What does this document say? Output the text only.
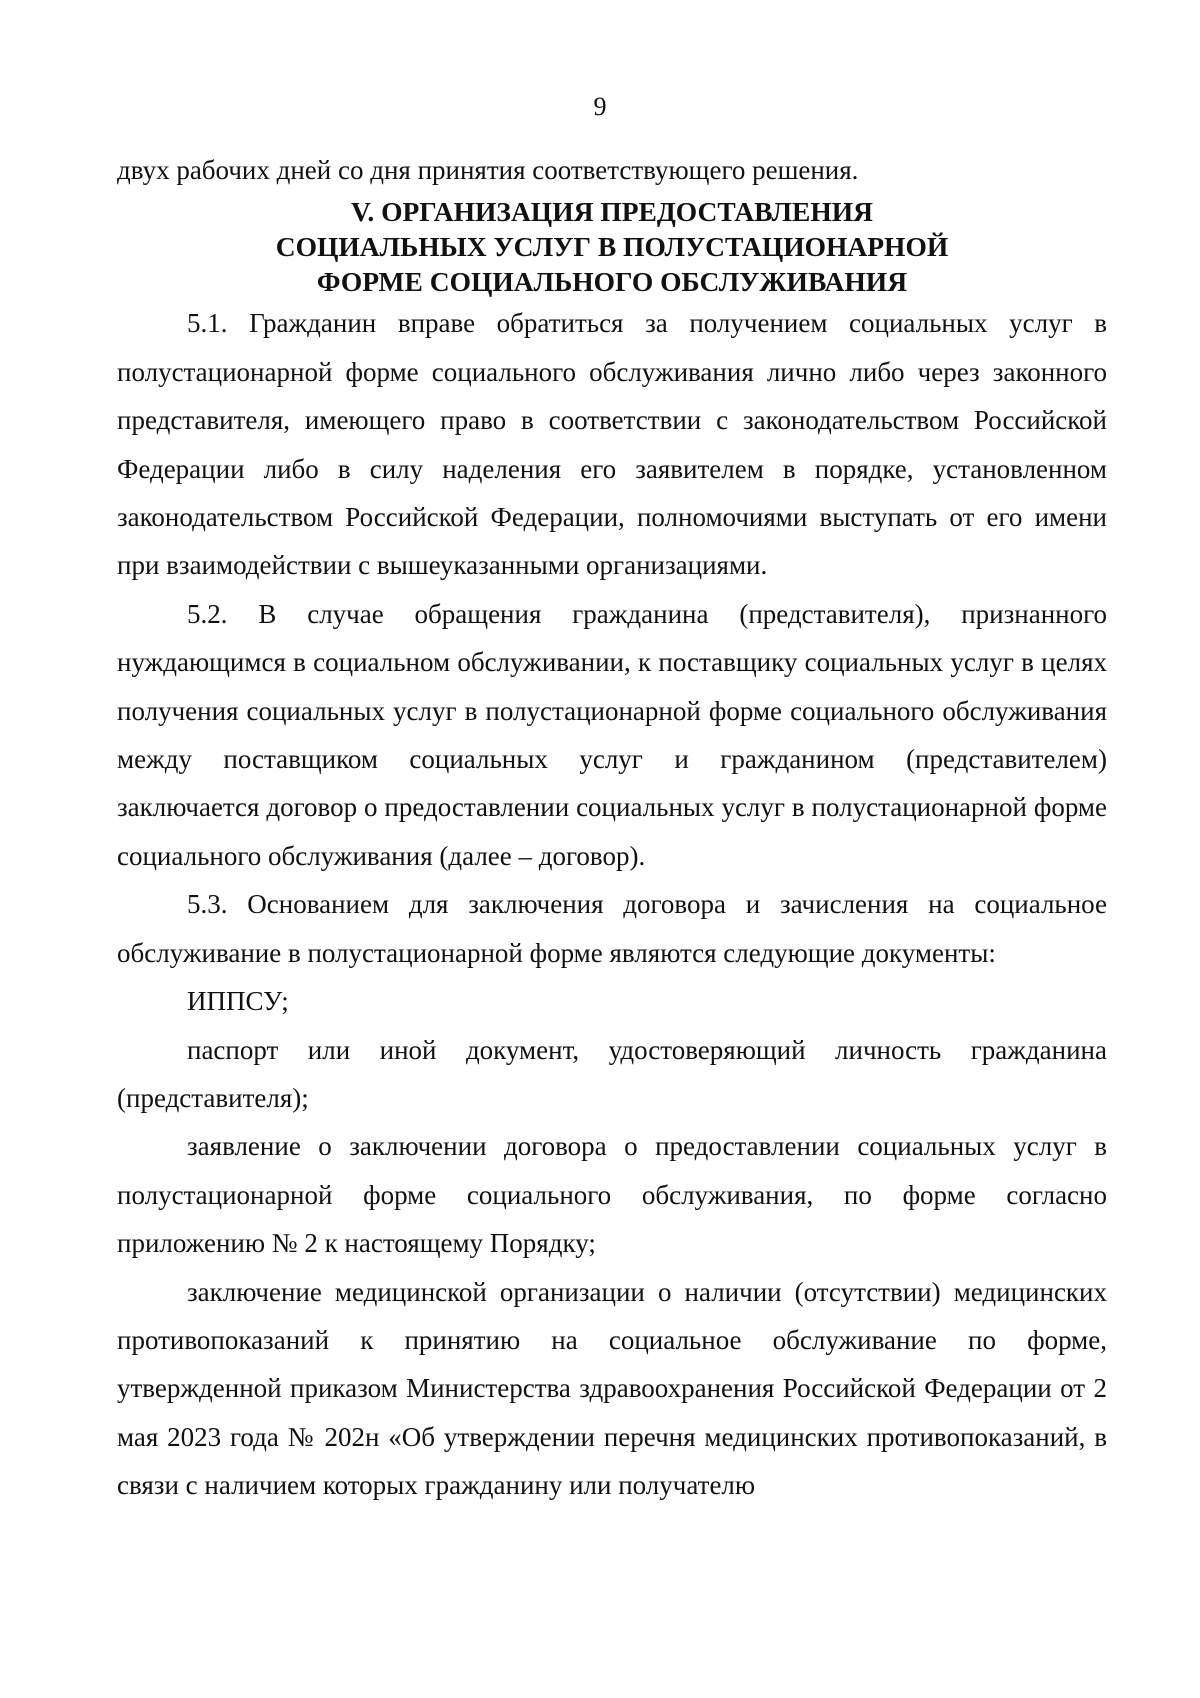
9

двух рабочих дней со дня принятия соответствующего решения.

V. ОРГАНИЗАЦИЯ ПРЕДОСТАВЛЕНИЯ
СОЦИАЛЬНЫХ УСЛУГ В ПОЛУСТАЦИОНАРНОЙ
ФОРМЕ СОЦИАЛЬНОГО ОБСЛУЖИВАНИЯ

5.1. Гражданин вправе обратиться за получением социальных услуг в полустационарной форме социального обслуживания лично либо через законного представителя, имеющего право в соответствии с законодательством Российской Федерации либо в силу наделения его заявителем в порядке, установленном законодательством Российской Федерации, полномочиями выступать от его имени при взаимодействии с вышеуказанными организациями.

5.2. В случае обращения гражданина (представителя), признанного нуждающимся в социальном обслуживании, к поставщику социальных услуг в целях получения социальных услуг в полустационарной форме социального обслуживания между поставщиком социальных услуг и гражданином (представителем) заключается договор о предоставлении социальных услуг в полустационарной форме социального обслуживания (далее – договор).

5.3. Основанием для заключения договора и зачисления на социальное обслуживание в полустационарной форме являются следующие документы:

ИППСУ;

паспорт или иной документ, удостоверяющий личность гражданина (представителя);

заявление о заключении договора о предоставлении социальных услуг в полустационарной форме социального обслуживания, по форме согласно приложению № 2 к настоящему Порядку;

заключение медицинской организации о наличии (отсутствии) медицинских противопоказаний к принятию на социальное обслуживание по форме, утвержденной приказом Министерства здравоохранения Российской Федерации от 2 мая 2023 года № 202н «Об утверждении перечня медицинских противопоказаний, в связи с наличием которых гражданину или получателю
